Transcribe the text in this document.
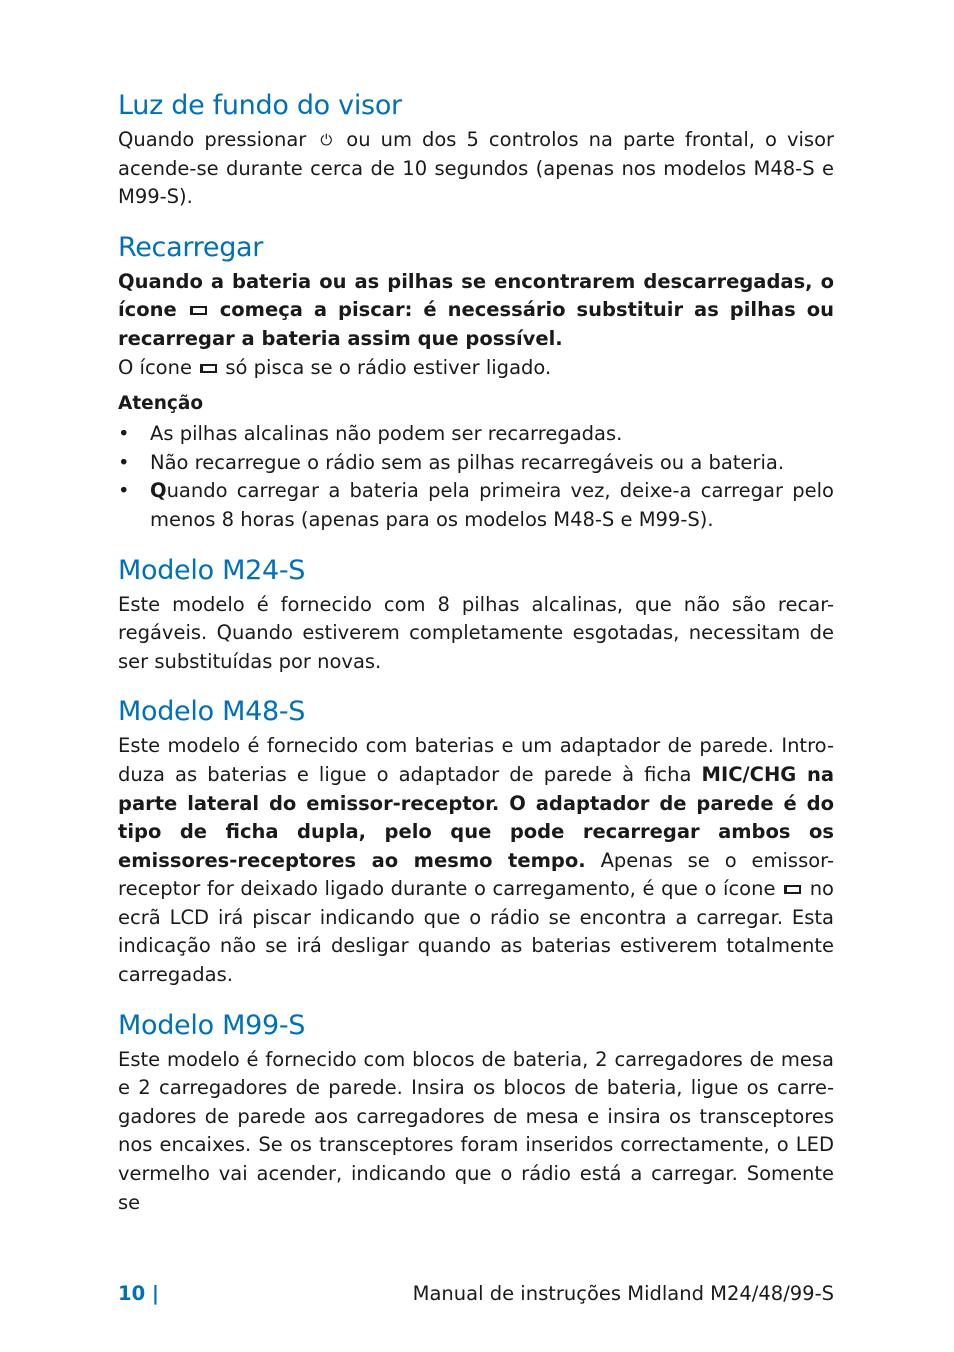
Luz de fundo do visor

Quando pressionar ⏻ ou um dos 5 controlos na parte frontal, o visor acende-se durante cerca de 10 segundos (apenas nos modelos M48-S e M99-S).

Recarregar

Quando a bateria ou as pilhas se encontrarem descarregadas, o ícone começa a piscar: é necessário substituir as pilhas ou recarregar a bateria assim que possível.

O ícone só pisca se o rádio estiver ligado.

Atenção
• As pilhas alcalinas não podem ser recarregadas.
• Não recarregue o rádio sem as pilhas recarregáveis ou a bateria.
• Quando carregar a bateria pela primeira vez, deixe-a carregar pelo menos 8 horas (apenas para os modelos M48-S e M99-S).
Modelo M24-S

Este modelo é fornecido com 8 pilhas alcalinas, que não são recar-regáveis. Quando estiverem completamente esgotadas, necessitam de ser substituídas por novas.

Modelo M48-S

Este modelo é fornecido com baterias e um adaptador de parede. Intro-duza as baterias e ligue o adaptador de parede à ficha MIC/CHG na parte lateral do emissor-receptor. O adaptador de parede é do tipo de ficha dupla, pelo que pode recarregar ambos os emissores-receptores ao mesmo tempo. Apenas se o emissor-receptor for deixado ligado durante o carregamento, é que o ícone no ecrã LCD irá piscar indicando que o rádio se encontra a carregar. Esta indicação não se irá desligar quando as baterias estiverem totalmente carregadas.

Modelo M99-S

Este modelo é fornecido com blocos de bateria, 2 carregadores de mesa e 2 carregadores de parede. Insira os blocos de bateria, ligue os carre-gadores de parede aos carregadores de mesa e insira os transceptores nos encaixes. Se os transceptores foram inseridos correctamente, o LED vermelho vai acender, indicando que o rádio está a carregar. Somente se

10 |	Manual de instruções Midland M24/48/99-S
